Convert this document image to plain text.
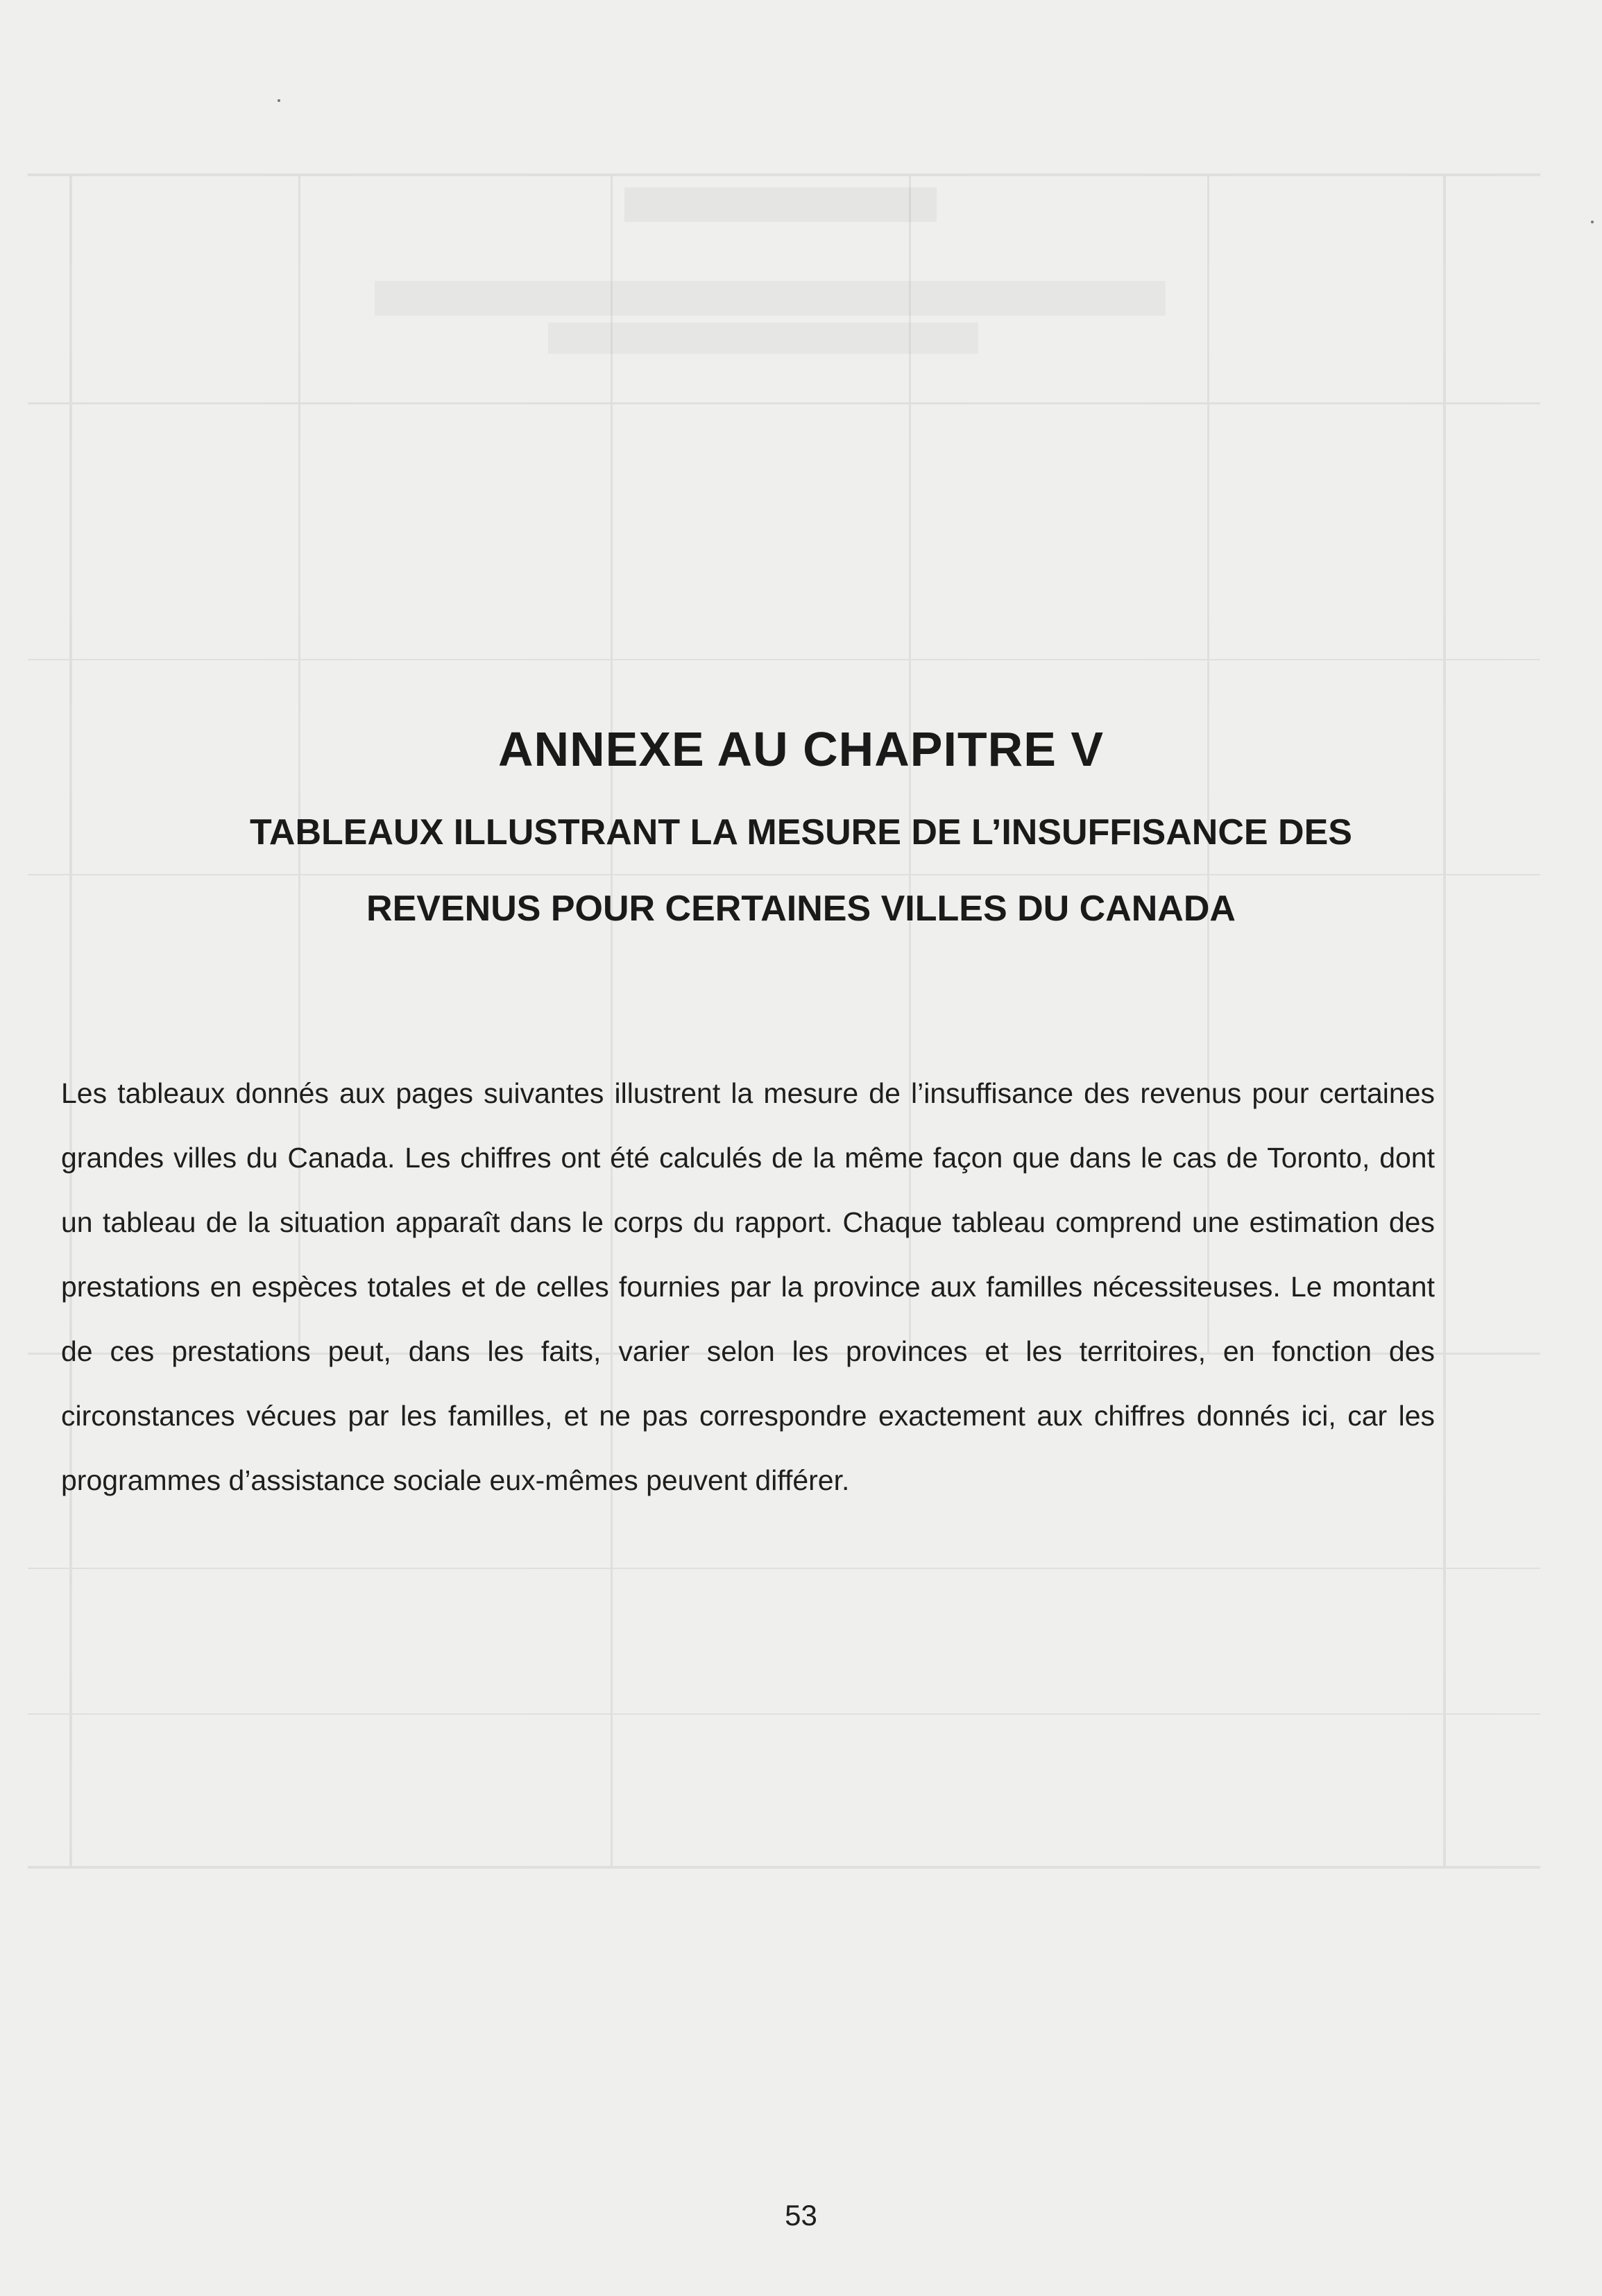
ANNEXE AU CHAPITRE V
TABLEAUX ILLUSTRANT LA MESURE DE L’INSUFFISANCE DES
REVENUS POUR CERTAINES VILLES DU CANADA

Les tableaux donnés aux pages suivantes illustrent la mesure de l’insuffisance des revenus pour certaines grandes villes du Canada. Les chiffres ont été calculés de la même façon que dans le cas de Toronto, dont un tableau de la situation apparaît dans le corps du rapport. Chaque tableau comprend une estimation des prestations en espèces totales et de celles fournies par la province aux familles nécessiteuses. Le montant de ces prestations peut, dans les faits, varier selon les provinces et les territoires, en fonction des circonstances vécues par les familles, et ne pas correspondre exactement aux chiffres donnés ici, car les programmes d’assistance sociale eux-mêmes peuvent différer.

53
